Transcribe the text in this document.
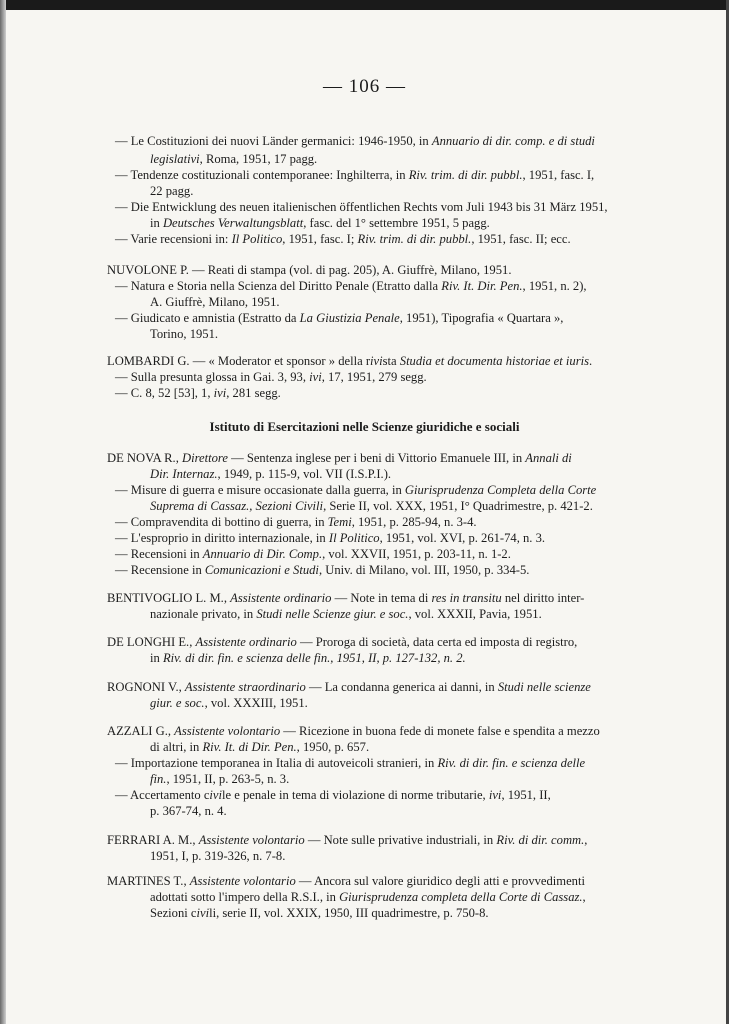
— 106 —
— Le Costituzioni dei nuovi Länder germanici: 1946-1950, in Annuario di dir. comp. e di studi
legislativi, Roma, 1951, 17 pagg.
— Tendenze costituzionali contemporanee: Inghilterra, in Riv. trim. di dir. pubbl., 1951, fasc. I,
22 pagg.
— Die Entwicklung des neuen italienischen öffentlichen Rechts vom Juli 1943 bis 31 März 1951,
in Deutsches Verwaltungsblatt, fasc. del 1° settembre 1951, 5 pagg.
— Varie recensioni in: Il Politico, 1951, fasc. I; Riv. trim. di dir. pubbl., 1951, fasc. II; ecc.
NUVOLONE P. — Reati di stampa (vol. di pag. 205), A. Giuffrè, Milano, 1951.
— Natura e Storia nella Scienza del Diritto Penale (Etratto dalla Riv. It. Dir. Pen., 1951, n. 2),
A. Giuffrè, Milano, 1951.
— Giudicato e amnistia (Estratto da La Giustizia Penale, 1951), Tipografia « Quartara »,
Torino, 1951.
LOMBARDI G. — « Moderator et sponsor » della rivista Studia et documenta historiae et iuris.
— Sulla presunta glossa in Gai. 3, 93, ivi, 17, 1951, 279 segg.
— C. 8, 52 [53], 1, ivi, 281 segg.
DE NOVA R., Direttore — Sentenza inglese per i beni di Vittorio Emanuele III, in Annali di
Dir. Internaz., 1949, p. 115-9, vol. VII (I.S.P.I.).
— Misure di guerra e misure occasionate dalla guerra, in Giurisprudenza Completa della Corte
Suprema di Cassaz., Sezioni Civili, Serie II, vol. XXX, 1951, I° Quadrimestre, p. 421-2.
— Compravendita di bottino di guerra, in Temi, 1951, p. 285-94, n. 3-4.
— L'esproprio in diritto internazionale, in Il Politico, 1951, vol. XVI, p. 261-74, n. 3.
— Recensioni in Annuario di Dir. Comp., vol. XXVII, 1951, p. 203-11, n. 1-2.
— Recensione in Comunicazioni e Studi, Univ. di Milano, vol. III, 1950, p. 334-5.
BENTIVOGLIO L. M., Assistente ordinario — Note in tema di res in transitu nel diritto inter-
nazionale privato, in Studi nelle Scienze giur. e soc., vol. XXXII, Pavia, 1951.
DE LONGHI E., Assistente ordinario — Proroga di società, data certa ed imposta di registro,
in Riv. di dir. fin. e scienza delle fin., 1951, II, p. 127-132, n. 2.
ROGNONI V., Assistente straordinario — La condanna generica ai danni, in Studi nelle scienze
giur. e soc., vol. XXXIII, 1951.
AZZALI G., Assistente volontario — Ricezione in buona fede di monete false e spendita a mezzo
di altri, in Riv. It. di Dir. Pen., 1950, p. 657.
— Importazione temporanea in Italia di autoveicoli stranieri, in Riv. di dir. fin. e scienza delle
fin., 1951, II, p. 263-5, n. 3.
— Accertamento civile e penale in tema di violazione di norme tributarie, ivi, 1951, II,
p. 367-74, n. 4.
FERRARI A. M., Assistente volontario — Note sulle privative industriali, in Riv. di dir. comm.,
1951, I, p. 319-326, n. 7-8.
MARTINES T., Assistente volontario — Ancora sul valore giuridico degli atti e provvedimenti
adottati sotto l'impero della R.S.I., in Giurisprudenza completa della Corte di Cassaz.,
Sezioni civili, serie II, vol. XXIX, 1950, III quadrimestre, p. 750-8.
Istituto di Esercitazioni nelle Scienze giuridiche e sociali
